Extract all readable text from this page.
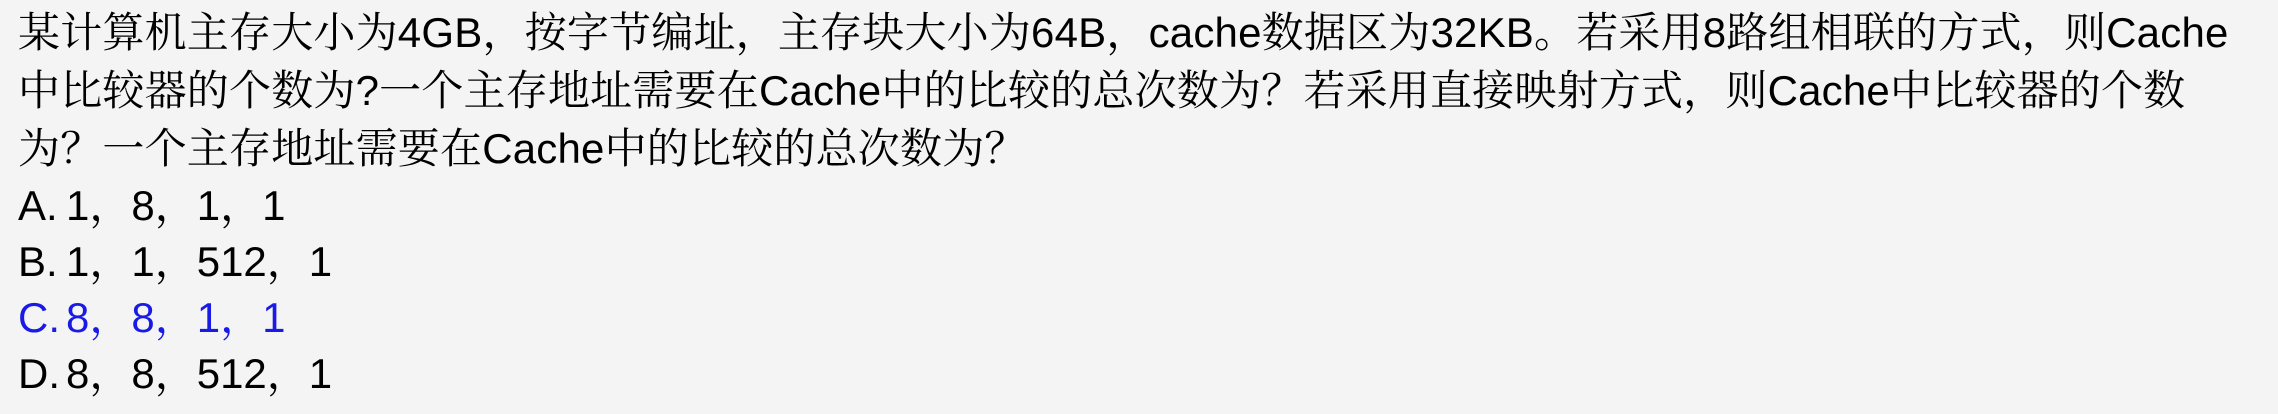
某计算机主存大小为4GB，按字节编址，主存块大小为64B，cache数据区为32KB。若采用8路组相联的方式，则Cache中比较器的个数为?一个主存地址需要在Cache中的比较的总次数为？若采用直接映射方式，则Cache中比较器的个数为？一个主存地址需要在Cache中的比较的总次数为？

A. 1，8，1，1
B. 1，1，512，1
C. 8，8，1，1
D. 8，8，512，1
